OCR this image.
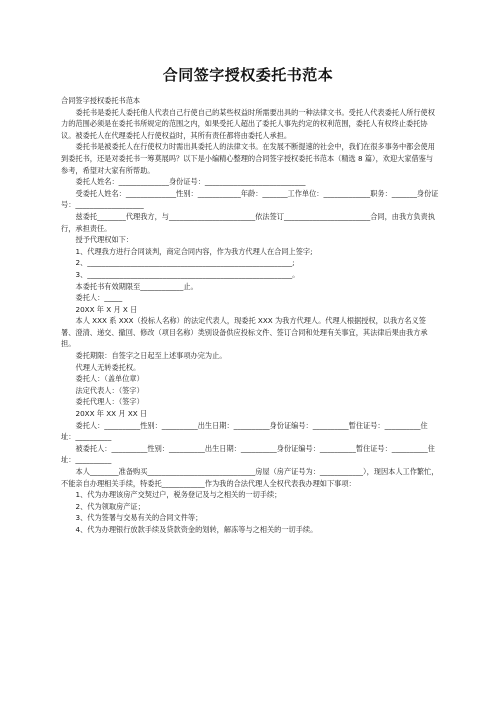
合同签字授权委托书范本

合同签字授权委托书范本

委托书是委托人委托他人代表自己行使自己的某些权益时所需要出具的一种法律文书。受托人代表委托人所行使权力的范围必须是在委托书所规定的范围之内，如果受托人超出了委托人事先约定的权利范围，委托人有权终止委托协议。被委托人在代理委托人行使权益时，其所有责任都将由委托人承担。

委托书是被委托人在行使权力时需出具委托人的法律文书。在发展不断提速的社会中，我们在很多事务中都会使用到委托书，还是对委托书一筹莫展吗？以下是小编精心整理的合同签字授权委托书范本（精选 8 篇），欢迎大家借鉴与参考，希望对大家有所帮助。

委托人姓名：______________身份证号：____________________________

受委托人姓名：______________性别：____________年龄：_______工作单位：_____________职务：_______身份证号：___________________

兹委托________代理我方，与________________________依法签订________________________合同，由我方负责执行，承担责任。

授予代理权如下：

1、代理我方进行合同谈判，商定合同内容，作为我方代理人在合同上签字;

2、_________________________________________________________;

3、_________________________________________________________。

本委托书有效期限至____________止。

委托人：_____

20XX 年 X 月 X 日

本人 XXX 系 XXX（投标人名称）的法定代表人，现委托 XXX 为我方代理人。代理人根据授权，以我方名义签署、澄清、递交、撤回、修改（项目名称）类别设备供应投标文件、签订合同和处理有关事宜，其法律后果由我方承担。

委托期限：自签字之日起至上述事项办完为止。

代理人无转委托权。

委托人：（盖单位章）

法定代表人：（签字）

委托代理人：（签字）

20XX 年 XX 月 XX 日

委托人：__________性别：__________出生日期：__________身份证编号：__________暂住证号：__________住址：__________

被委托人：__________性别：__________出生日期：__________身份证编号：__________暂住证号：__________住址：__________

本人________准备购买______________________________房屋（房产证号为：____________），现因本人工作繁忙，不能亲自办理相关手续，特委托____________作为我的合法代理人全权代表我办理如下事项：

1、代为办理该房产交契过户，税务登记及与之相关的一切手续；

2、代为领取房产证；

3、代为签署与交易有关的合同文件等；

4、代为办理银行放款手续及贷款资金的划转，解冻等与之相关的一切手续。
